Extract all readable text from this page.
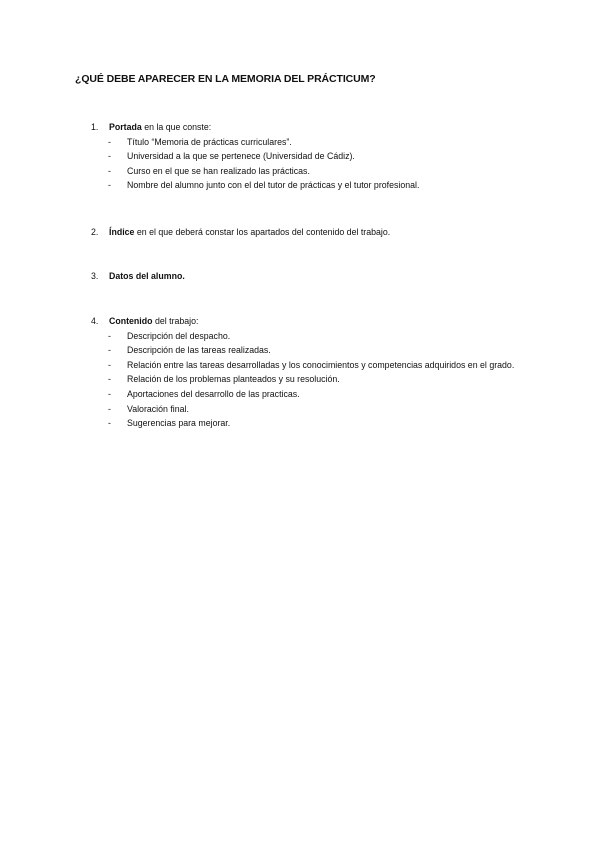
¿QUÉ DEBE APARECER EN LA MEMORIA DEL PRÁCTICUM?
1. Portada en la que conste:
- Título “Memoria de prácticas curriculares”.
- Universidad a la que se pertenece (Universidad de Cádiz).
- Curso en el que se han realizado las prácticas.
- Nombre del alumno junto con el del tutor de prácticas y el tutor profesional.
2. Índice en el que deberá constar los apartados del contenido del trabajo.
3. Datos del alumno.
4. Contenido del trabajo:
- Descripción del despacho.
- Descripción de las tareas realizadas.
- Relación entre las tareas desarrolladas y los conocimientos y competencias adquiridos en el grado.
- Relación de los problemas planteados y su resolución.
- Aportaciones del desarrollo de las practicas.
- Valoración final.
- Sugerencias para mejorar.
